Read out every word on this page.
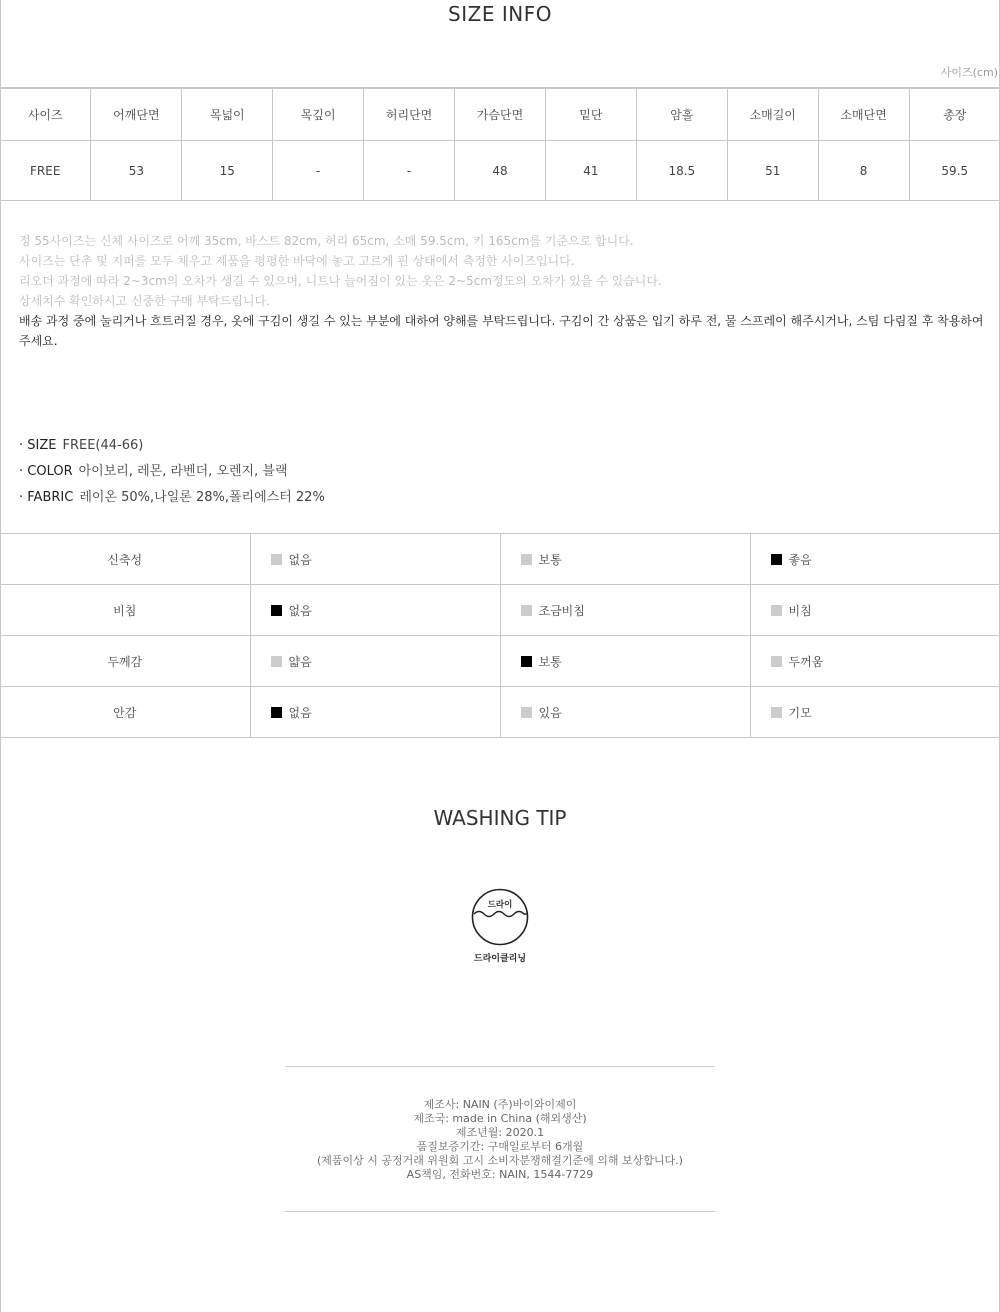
SIZE INFO
사이즈(cm)
사이즈	어깨단면	목넓이	목깊이	허리단면	가슴단면	밑단	암홀	소매길이	소매단면	총장
FREE	53	15	-	-	48	41	18.5	51	8	59.5
정 55사이즈는 신체 사이즈로 어깨 35cm, 바스트 82cm, 허리 65cm, 소매 59.5cm, 키 165cm를 기준으로 합니다.
사이즈는 단추 및 지퍼를 모두 채우고 제품을 평평한 바닥에 놓고 고르게 핀 상태에서 측정한 사이즈입니다.
리오더 과정에 따라 2~3cm의 오차가 생길 수 있으며, 니트나 늘어짐이 있는 옷은 2~5cm정도의 오차가 있을 수 있습니다.
상세치수 확인하시고 신중한 구매 부탁드립니다.
배송 과정 중에 눌리거나 흐트러질 경우, 옷에 구김이 생길 수 있는 부분에 대하여 양해를 부탁드립니다. 구김이 간 상품은 입기 하루 전, 물 스프레이 해주시거나, 스팀 다림질 후 착용하여주세요.
· SIZE FREE(44-66)
· COLOR 아이보리, 레몬, 라벤더, 오렌지, 블랙
· FABRIC 레이온 50%,나일론 28%,폴리에스터 22%
신축성	없음	보통	좋음
비침	없음	조금비침	비침
두께감	얇음	보통	두꺼움
안감	없음	있음	기모
WASHING TIP
드라이
드라이클리닝
제조사: NAIN (주)바이와이제이
제조국: made in China (해외생산)
제조년월: 2020.1
품질보증기간: 구매일로부터 6개월
(제품이상 시 공정거래 위원회 고시 소비자분쟁해결기준에 의해 보상합니다.)
AS책임, 전화번호: NAIN, 1544-7729
